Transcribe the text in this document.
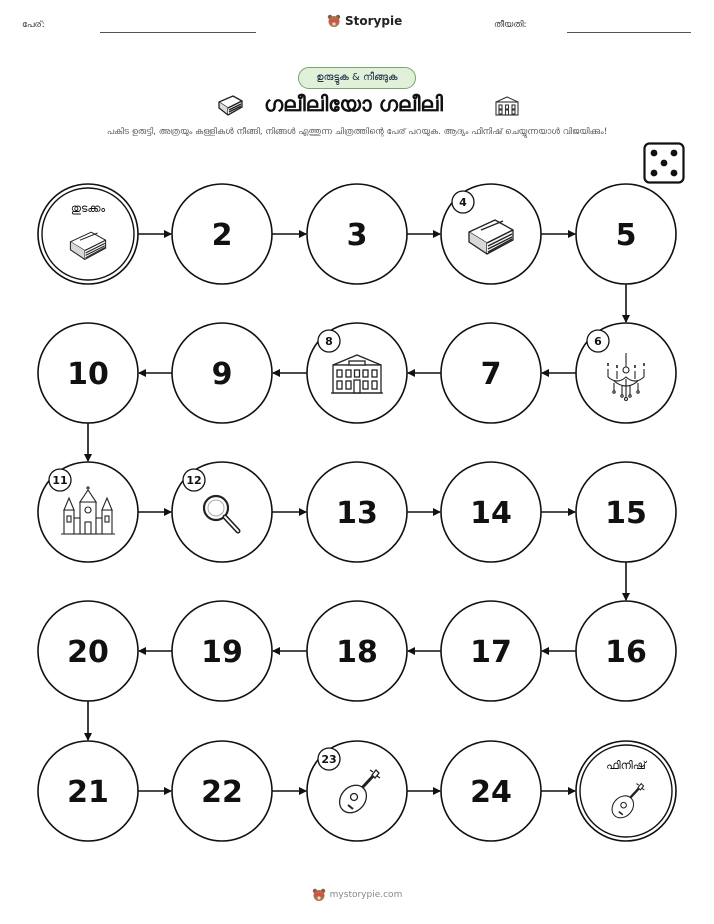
പേര്:	Storypie	തീയതി:
ഉരുട്ടുക & നീങ്ങുക
ഗലീലിയോ ഗലീലി
പകിട ഉരുട്ടി, അത്രയും കള്ളികൾ നീങ്ങി, നിങ്ങൾ എത്തുന്ന ചിത്രത്തിന്റെ പേര് പറയുക. ആദ്യം ഫിനിഷ് ചെയ്യുന്നയാൾ വിജയിക്കും!
തുടക്കം
2	3
4
5
6
7
8
9
10
11	12
13	14	15
16
17
18
19
20
21	22
23
24
ഫിനിഷ്
mystorypie.com
